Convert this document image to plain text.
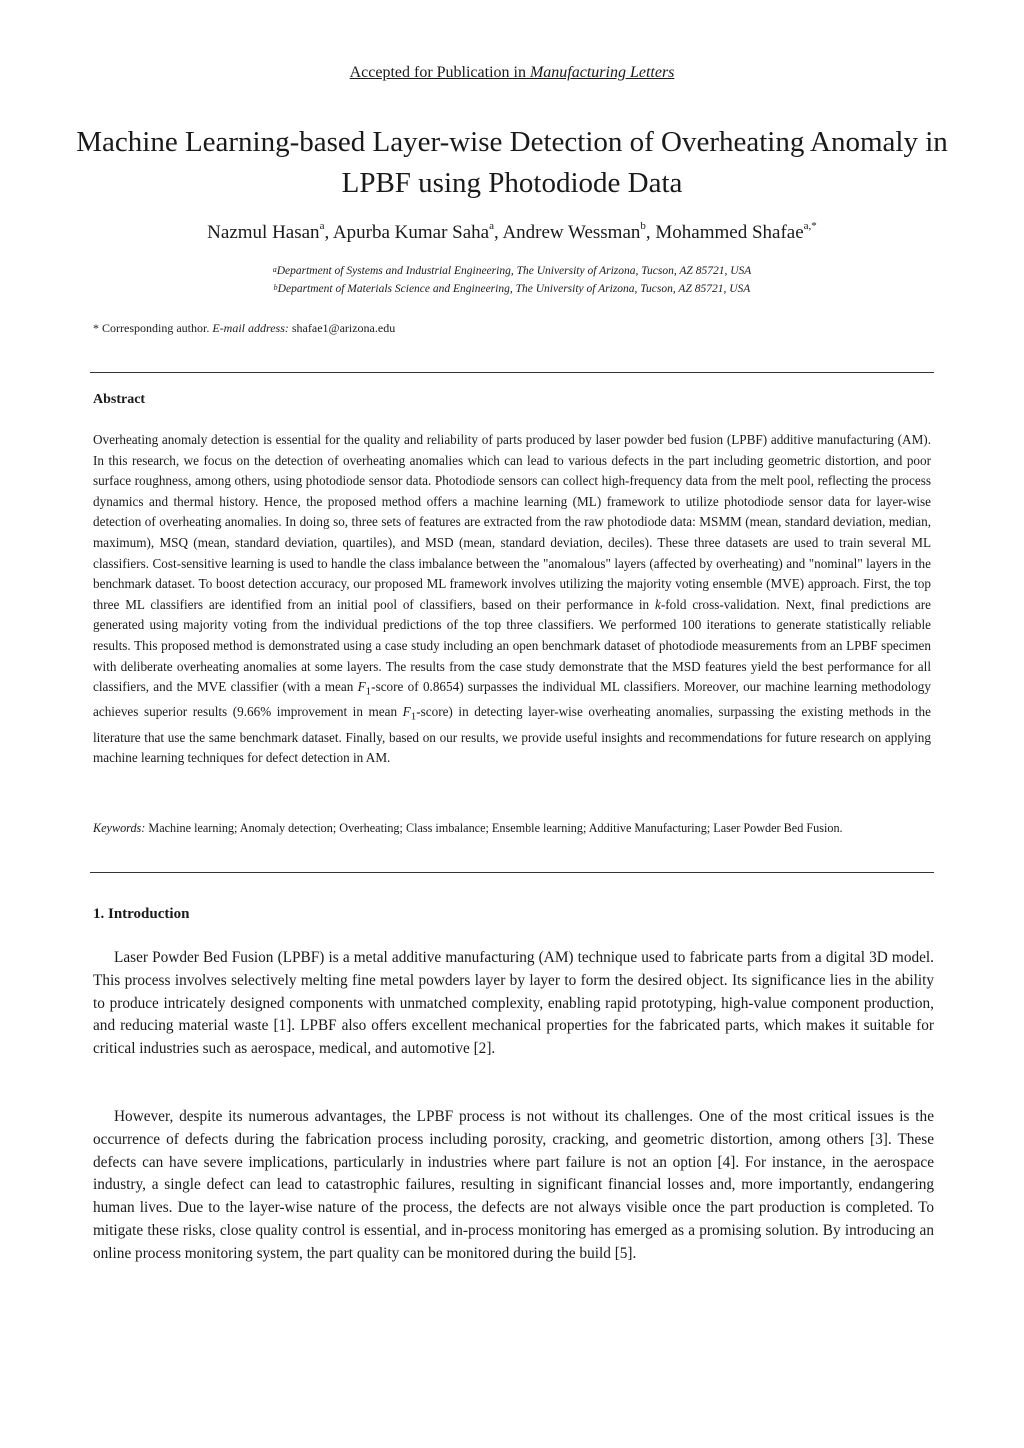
Accepted for Publication in Manufacturing Letters
Machine Learning-based Layer-wise Detection of Overheating Anomaly in LPBF using Photodiode Data
Nazmul Hasan$^a$, Apurba Kumar Saha$^a$, Andrew Wessman$^b$, Mohammed Shafae$^{a,*}$
$^a$Department of Systems and Industrial Engineering, The University of Arizona, Tucson, AZ 85721, USA
$^b$Department of Materials Science and Engineering, The University of Arizona, Tucson, AZ 85721, USA
* Corresponding author. E-mail address: shafae1@arizona.edu
Abstract
Overheating anomaly detection is essential for the quality and reliability of parts produced by laser powder bed fusion (LPBF) additive manufacturing (AM). In this research, we focus on the detection of overheating anomalies which can lead to various defects in the part including geometric distortion, and poor surface roughness, among others, using photodiode sensor data. Photodiode sensors can collect high-frequency data from the melt pool, reflecting the process dynamics and thermal history. Hence, the proposed method offers a machine learning (ML) framework to utilize photodiode sensor data for layer-wise detection of overheating anomalies. In doing so, three sets of features are extracted from the raw photodiode data: MSMM (mean, standard deviation, median, maximum), MSQ (mean, standard deviation, quartiles), and MSD (mean, standard deviation, deciles). These three datasets are used to train several ML classifiers. Cost-sensitive learning is used to handle the class imbalance between the "anomalous" layers (affected by overheating) and "nominal" layers in the benchmark dataset. To boost detection accuracy, our proposed ML framework involves utilizing the majority voting ensemble (MVE) approach. First, the top three ML classifiers are identified from an initial pool of classifiers, based on their performance in k-fold cross-validation. Next, final predictions are generated using majority voting from the individual predictions of the top three classifiers. We performed 100 iterations to generate statistically reliable results. This proposed method is demonstrated using a case study including an open benchmark dataset of photodiode measurements from an LPBF specimen with deliberate overheating anomalies at some layers. The results from the case study demonstrate that the MSD features yield the best performance for all classifiers, and the MVE classifier (with a mean $F_1$-score of 0.8654) surpasses the individual ML classifiers. Moreover, our machine learning methodology achieves superior results (9.66% improvement in mean $F_1-score$) in detecting layer-wise overheating anomalies, surpassing the existing methods in the literature that use the same benchmark dataset. Finally, based on our results, we provide useful insights and recommendations for future research on applying machine learning techniques for defect detection in AM.
Keywords: Machine learning; Anomaly detection; Overheating; Class imbalance; Ensemble learning; Additive Manufacturing; Laser Powder Bed Fusion.
1. Introduction
Laser Powder Bed Fusion (LPBF) is a metal additive manufacturing (AM) technique used to fabricate parts from a digital 3D model. This process involves selectively melting fine metal powders layer by layer to form the desired object. Its significance lies in the ability to produce intricately designed components with unmatched complexity, enabling rapid prototyping, high-value component production, and reducing material waste [1]. LPBF also offers excellent mechanical properties for the fabricated parts, which makes it suitable for critical industries such as aerospace, medical, and automotive [2].
However, despite its numerous advantages, the LPBF process is not without its challenges. One of the most critical issues is the occurrence of defects during the fabrication process including porosity, cracking, and geometric distortion, among others [3]. These defects can have severe implications, particularly in industries where part failure is not an option [4]. For instance, in the aerospace industry, a single defect can lead to catastrophic failures, resulting in significant financial losses and, more importantly, endangering human lives. Due to the layer-wise nature of the process, the defects are not always visible once the part production is completed. To mitigate these risks, close quality control is essential, and in-process monitoring has emerged as a promising solution. By introducing an online process monitoring system, the part quality can be monitored during the build [5].
